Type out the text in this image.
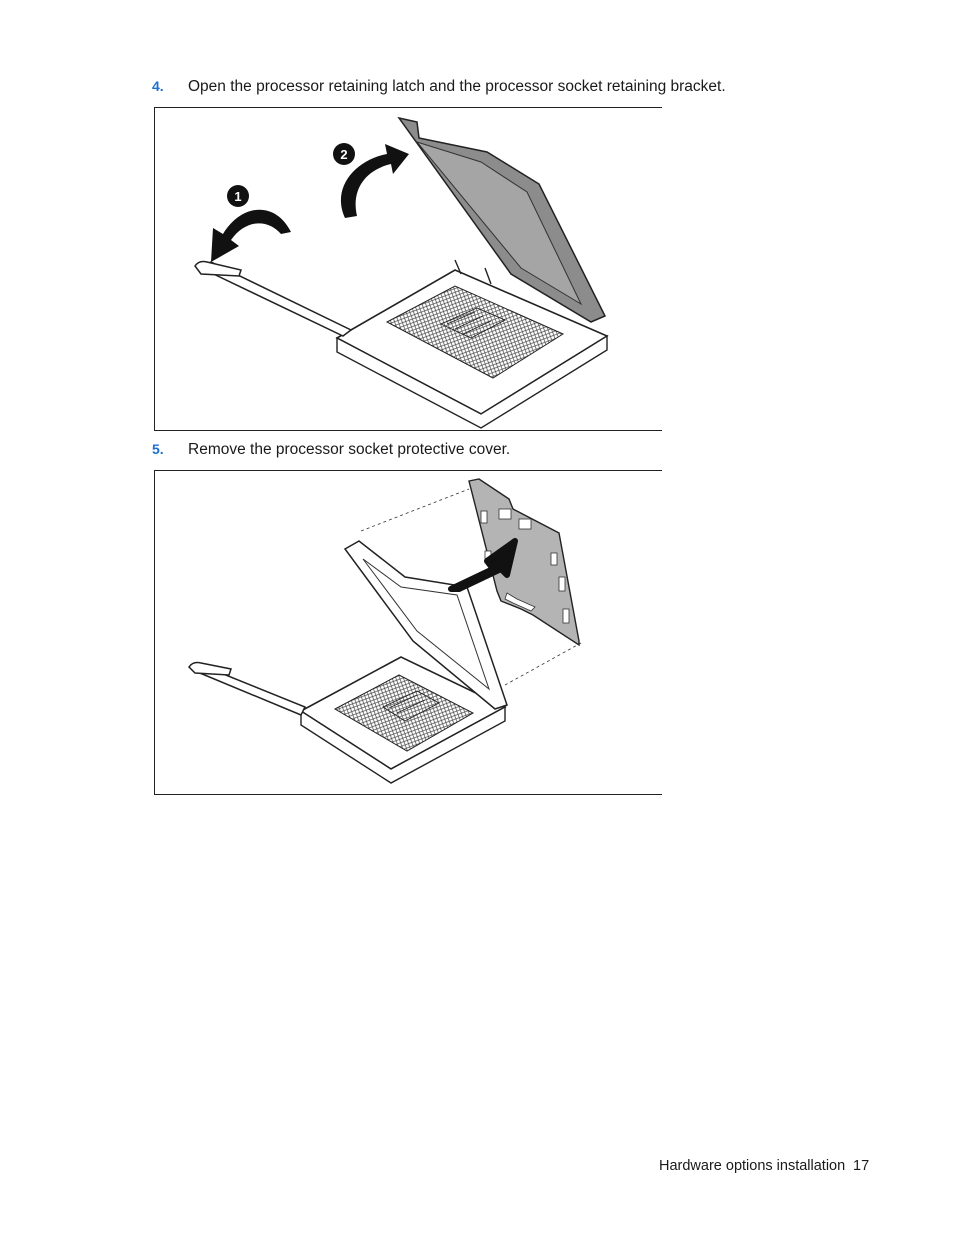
4. Open the processor retaining latch and the processor socket retaining bracket.
1
2
5. Remove the processor socket protective cover.
Hardware options installation 17
